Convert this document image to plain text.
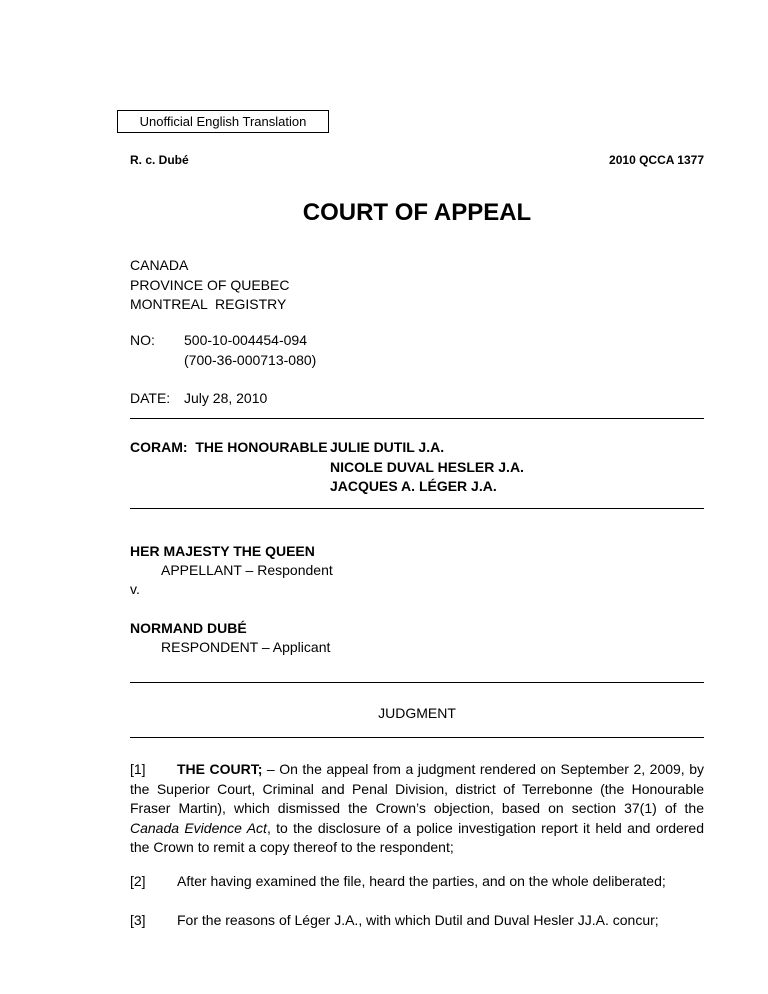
Unofficial English Translation
R. c. Dubé	2010 QCCA 1377
COURT OF APPEAL
CANADA
PROVINCE OF QUEBEC
MONTREAL  REGISTRY
NO: 500-10-004454-094
(700-36-000713-080)
DATE: July 28, 2010
CORAM:  THE HONOURABLE JULIE DUTIL J.A.
NICOLE DUVAL HESLER J.A.
JACQUES A. LÉGER J.A.
HER MAJESTY THE QUEEN
APPELLANT – Respondent
v.
NORMAND DUBÉ
RESPONDENT – Applicant
JUDGMENT
[1] THE COURT; – On the appeal from a judgment rendered on September 2, 2009, by the Superior Court, Criminal and Penal Division, district of Terrebonne (the Honourable Fraser Martin), which dismissed the Crown’s objection, based on section 37(1) of the Canada Evidence Act, to the disclosure of a police investigation report it held and ordered the Crown to remit a copy thereof to the respondent;
[2]	After having examined the file, heard the parties, and on the whole deliberated;
[3]	For the reasons of Léger J.A., with which Dutil and Duval Hesler JJ.A. concur;
